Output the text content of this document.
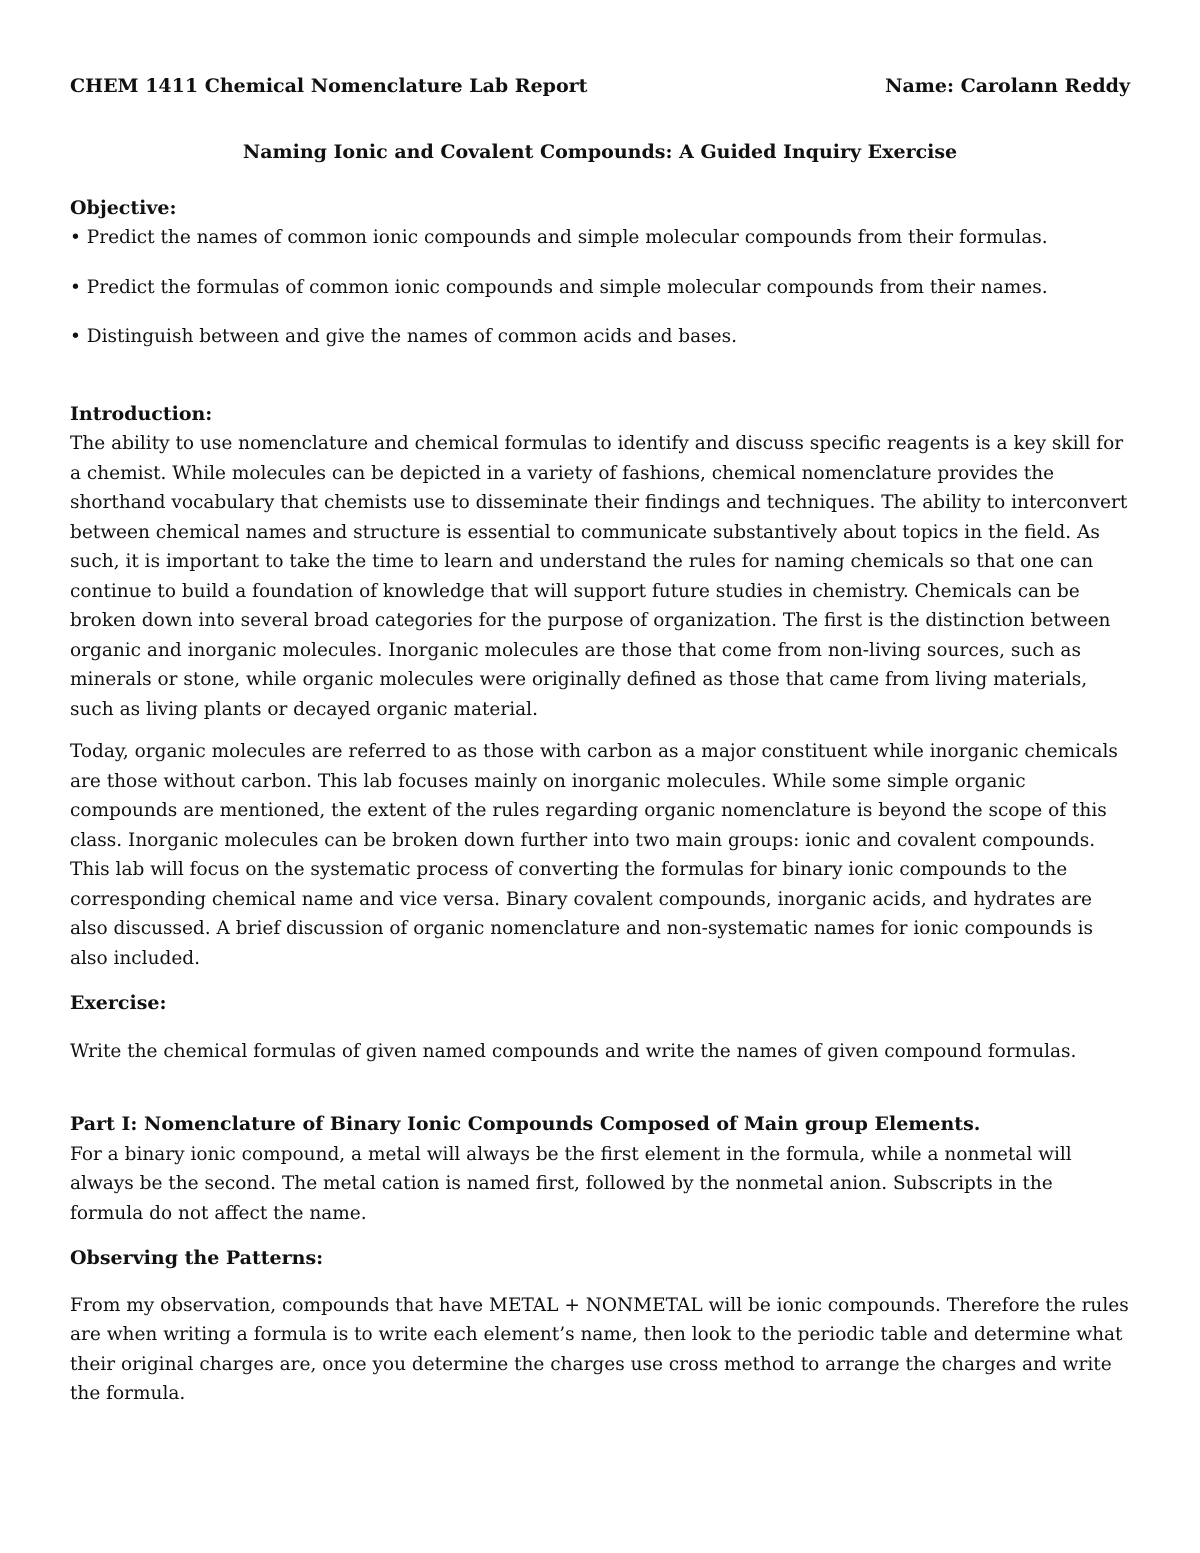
CHEM 1411 Chemical Nomenclature Lab Report	Name: Carolann Reddy
Naming Ionic and Covalent Compounds: A Guided Inquiry Exercise
Objective:

• Predict the names of common ionic compounds and simple molecular compounds from their formulas.

• Predict the formulas of common ionic compounds and simple molecular compounds from their names.

• Distinguish between and give the names of common acids and bases.

Introduction:

The ability to use nomenclature and chemical formulas to identify and discuss specific reagents is a key skill for a chemist. While molecules can be depicted in a variety of fashions, chemical nomenclature provides the shorthand vocabulary that chemists use to disseminate their findings and techniques. The ability to interconvert between chemical names and structure is essential to communicate substantively about topics in the field. As such, it is important to take the time to learn and understand the rules for naming chemicals so that one can continue to build a foundation of knowledge that will support future studies in chemistry. Chemicals can be broken down into several broad categories for the purpose of organization. The first is the distinction between organic and inorganic molecules. Inorganic molecules are those that come from non-living sources, such as minerals or stone, while organic molecules were originally defined as those that came from living materials, such as living plants or decayed organic material.

Today, organic molecules are referred to as those with carbon as a major constituent while inorganic chemicals are those without carbon. This lab focuses mainly on inorganic molecules. While some simple organic compounds are mentioned, the extent of the rules regarding organic nomenclature is beyond the scope of this class. Inorganic molecules can be broken down further into two main groups: ionic and covalent compounds. This lab will focus on the systematic process of converting the formulas for binary ionic compounds to the corresponding chemical name and vice versa. Binary covalent compounds, inorganic acids, and hydrates are also discussed. A brief discussion of organic nomenclature and non-systematic names for ionic compounds is also included.

Exercise:

Write the chemical formulas of given named compounds and write the names of given compound formulas.

Part I: Nomenclature of Binary Ionic Compounds Composed of Main group Elements.

For a binary ionic compound, a metal will always be the first element in the formula, while a nonmetal will always be the second. The metal cation is named first, followed by the nonmetal anion. Subscripts in the formula do not affect the name.

Observing the Patterns:

From my observation, compounds that have METAL + NONMETAL will be ionic compounds. Therefore the rules are when writing a formula is to write each element’s name, then look to the periodic table and determine what their original charges are, once you determine the charges use cross method to arrange the charges and write the formula.
